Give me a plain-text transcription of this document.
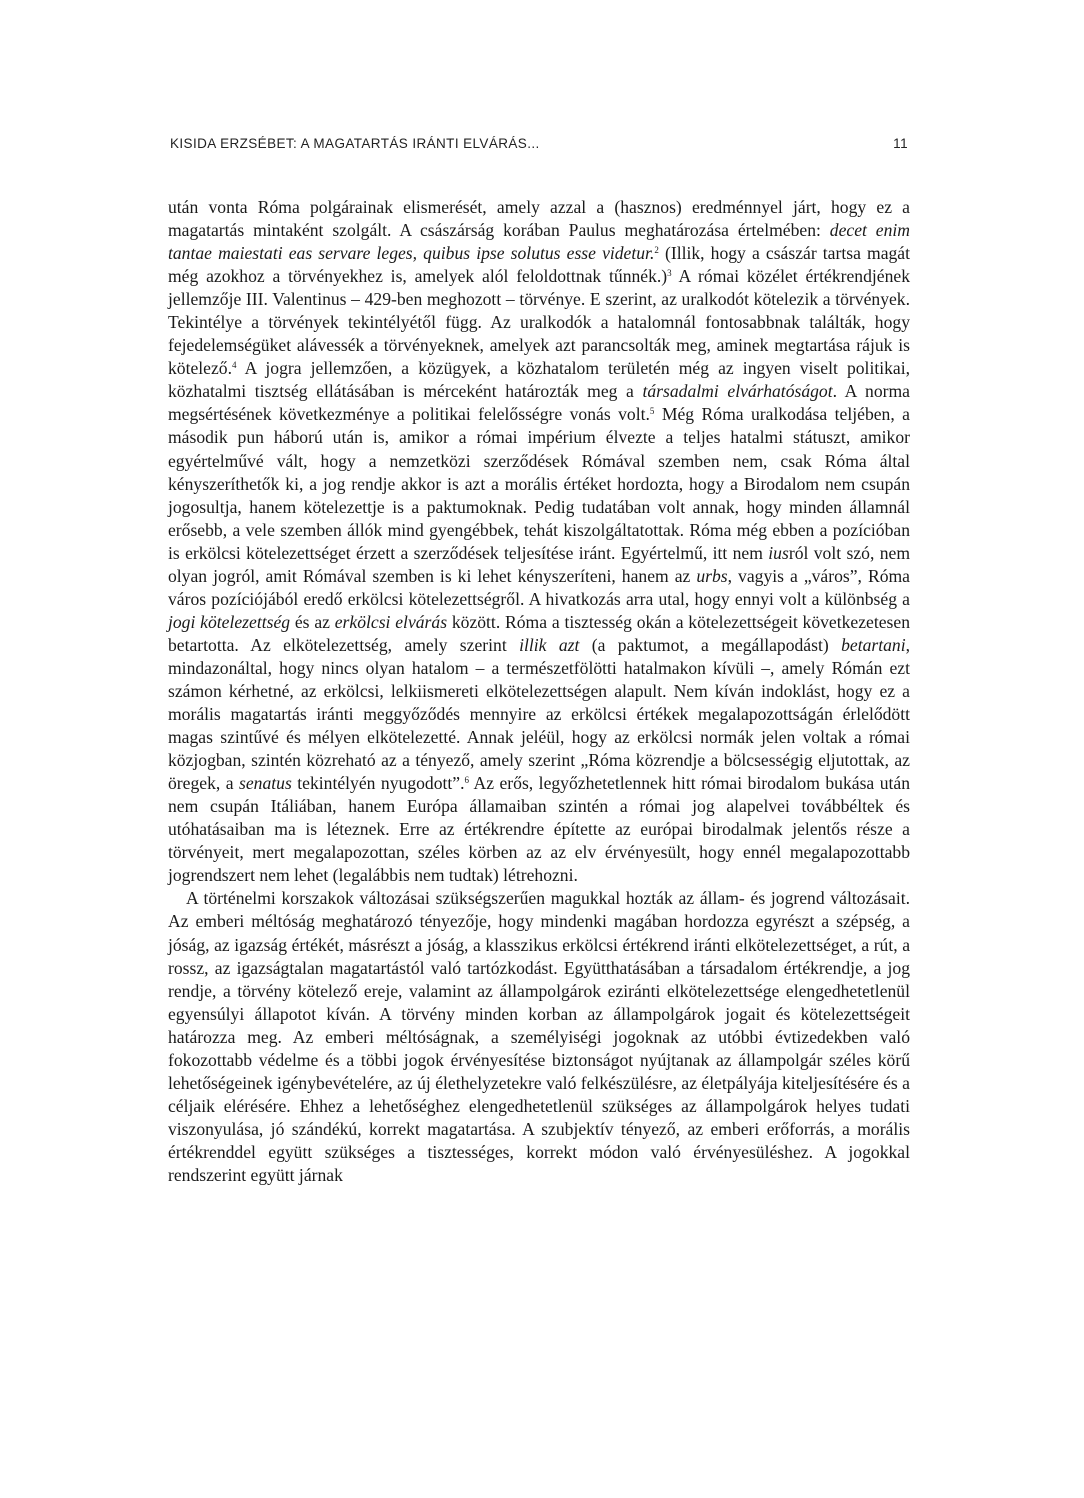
KISIDA ERZSÉBET: A MAGATARTÁS IRÁNTI ELVÁRÁS...	11

után vonta Róma polgárainak elismerését, amely azzal a (hasznos) eredménnyel járt, hogy ez a magatartás mintaként szolgált. A császárság korában Paulus meghatározása értelmében: decet enim tantae maiestati eas servare leges, quibus ipse solutus esse videtur.$^2$ (Illik, hogy a császár tartsa magát még azokhoz a törvényekhez is, amelyek alól feloldottnak tűnnék.)$^3$ A római közélet értékrendjének jellemzője III. Valentinus – 429-ben meghozott – törvénye. E szerint, az uralkodót kötelezik a törvények. Tekintélye a törvények tekintélyétől függ. Az uralkodók a hatalomnál fontosabbnak találták, hogy fejedelemségüket alávessék a törvényeknek, amelyek azt parancsolták meg, aminek megtartása rájuk is kötelező.$^4$ A jogra jellemzően, a közügyek, a közhatalom területén még az ingyen viselt politikai, közhatalmi tisztség ellátásában is mérceként határozták meg a társadalmi elvárhatóságot. A norma megsértésének következménye a politikai felelősségre vonás volt.$^5$ Még Róma uralkodása teljében, a második pun háború után is, amikor a római impérium élvezte a teljes hatalmi státuszt, amikor egyértelművé vált, hogy a nemzetközi szerződések Rómával szemben nem, csak Róma által kényszeríthetők ki, a jog rendje akkor is azt a morális értéket hordozta, hogy a Birodalom nem csupán jogosultja, hanem kötelezettje is a paktumoknak. Pedig tudatában volt annak, hogy minden államnál erősebb, a vele szemben állók mind gyengébbek, tehát kiszolgáltatottak. Róma még ebben a pozícióban is erkölcsi kötelezettséget érzett a szerződések teljesítése iránt. Egyértelmű, itt nem iusról volt szó, nem olyan jogról, amit Rómával szemben is ki lehet kényszeríteni, hanem az urbs, vagyis a „város”, Róma város pozíciójából eredő erkölcsi kötelezettségről. A hivatkozás arra utal, hogy ennyi volt a különbség a jogi kötelezettség és az erkölcsi elvárás között. Róma a tisztesség okán a kötelezettségeit következetesen betartotta. Az elkötelezettség, amely szerint illik azt (a paktumot, a megállapodást) betartani, mindazonáltal, hogy nincs olyan hatalom – a természetfölötti hatalmakon kívüli –, amely Rómán ezt számon kérhetné, az erkölcsi, lelkiismereti elkötelezettségen alapult. Nem kíván indoklást, hogy ez a morális magatartás iránti meggyőződés mennyire az erkölcsi értékek megalapozottságán érlelődött magas szintűvé és mélyen elkötelezetté. Annak jeléül, hogy az erkölcsi normák jelen voltak a római közjogban, szintén közreható az a tényező, amely szerint „Róma közrendje a bölcsességig eljutottak, az öregek, a senatus tekintélyén nyugodott”.$^6$ Az erős, legyőzhetetlennek hitt római birodalom bukása után nem csupán Itáliában, hanem Európa államaiban szintén a római jog alapelvei továbbéltek és utóhatásaiban ma is léteznek. Erre az értékrendre építette az európai birodalmak jelentős része a törvényeit, mert megalapozottan, széles körben az az elv érvényesült, hogy ennél megalapozottabb jogrendszert nem lehet (legalábbis nem tudtak) létrehozni.

A történelmi korszakok változásai szükségszerűen magukkal hozták az állam- és jogrend változásait. Az emberi méltóság meghatározó tényezője, hogy mindenki magában hordozza egyrészt a szépség, a jóság, az igazság értékét, másrészt a jóság, a klasszikus erkölcsi értékrend iránti elkötelezettséget, a rút, a rossz, az igazságtalan magatartástól való tartózkodást. Együtthatásában a társadalom értékrendje, a jog rendje, a törvény kötelező ereje, valamint az állampolgárok eziránti elkötelezettsége elengedhetetlenül egyensúlyi állapotot kíván. A törvény minden korban az állampolgárok jogait és kötelezettségeit határozza meg. Az emberi méltóságnak, a személyiségi jogoknak az utóbbi évtizedekben való fokozottabb védelme és a többi jogok érvényesítése biztonságot nyújtanak az állampolgár széles körű lehetőségeinek igénybevételére, az új élethelyzetekre való felkészülésre, az életpályája kiteljesítésére és a céljaik elérésére. Ehhez a lehetőséghez elengedhetetlenül szükséges az állampolgárok helyes tudati viszonyulása, jó szándékú, korrekt magatartása. A szubjektív tényező, az emberi erőforrás, a morális értékrenddel együtt szükséges a tisztességes, korrekt módon való érvényesüléshez. A jogokkal rendszerint együtt járnak
